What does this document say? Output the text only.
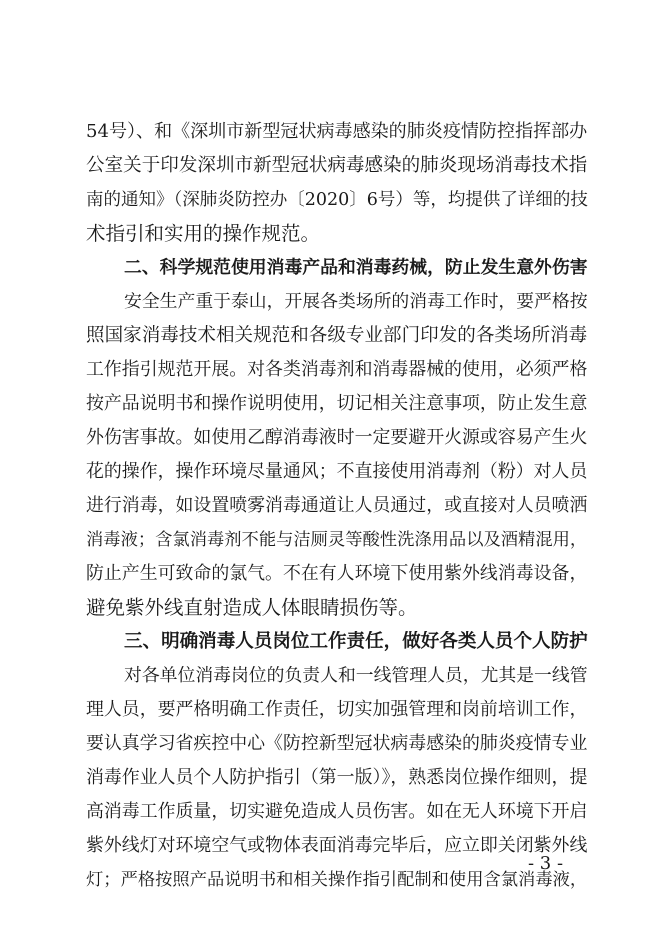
54号）、和《深圳市新型冠状病毒感染的肺炎疫情防控指挥部办
公室关于印发深圳市新型冠状病毒感染的肺炎现场消毒技术指
南的通知》（深肺炎防控办〔2020〕6号）等，均提供了详细的技
术指引和实用的操作规范。
二、科学规范使用消毒产品和消毒药械，防止发生意外伤害
安全生产重于泰山，开展各类场所的消毒工作时，要严格按
照国家消毒技术相关规范和各级专业部门印发的各类场所消毒
工作指引规范开展。对各类消毒剂和消毒器械的使用，必须严格
按产品说明书和操作说明使用，切记相关注意事项，防止发生意
外伤害事故。如使用乙醇消毒液时一定要避开火源或容易产生火
花的操作，操作环境尽量通风；不直接使用消毒剂（粉）对人员
进行消毒，如设置喷雾消毒通道让人员通过，或直接对人员喷洒
消毒液；含氯消毒剂不能与洁厕灵等酸性洗涤用品以及酒精混用，
防止产生可致命的氯气。不在有人环境下使用紫外线消毒设备，
避免紫外线直射造成人体眼睛损伤等。
三、明确消毒人员岗位工作责任，做好各类人员个人防护
对各单位消毒岗位的负责人和一线管理人员，尤其是一线管
理人员，要严格明确工作责任，切实加强管理和岗前培训工作，
要认真学习省疾控中心《防控新型冠状病毒感染的肺炎疫情专业
消毒作业人员个人防护指引（第一版）》，熟悉岗位操作细则，提
高消毒工作质量，切实避免造成人员伤害。如在无人环境下开启
紫外线灯对环境空气或物体表面消毒完毕后，应立即关闭紫外线
灯；严格按照产品说明书和相关操作指引配制和使用含氯消毒液，
- 3 -
